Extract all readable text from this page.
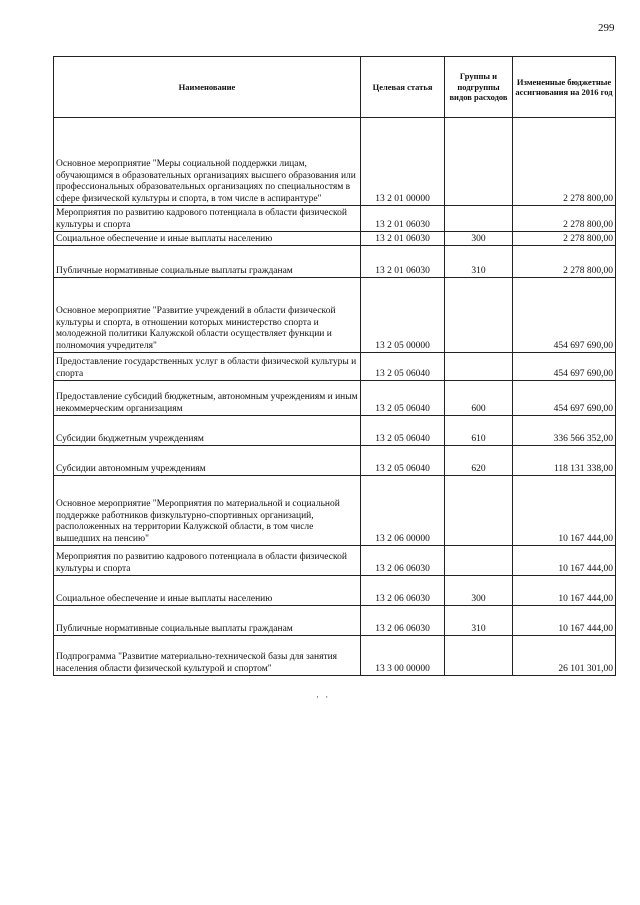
299
Наименование	Целевая статья	Группы и подгруппы видов расходов	Измененные бюджетные ассигнования на 2016 год
Основное мероприятие "Меры социальной поддержки лицам, обучающимся в образовательных организациях высшего образования или профессиональных образовательных организациях по специальностям в сфере физической культуры и спорта, в том числе в аспирантуре"	13 2 01 00000		2 278 800,00
Мероприятия по развитию кадрового потенциала в области физической культуры и спорта	13 2 01 06030		2 278 800,00
Социальное обеспечение и иные выплаты населению	13 2 01 06030	300	2 278 800,00
Публичные нормативные социальные выплаты гражданам	13 2 01 06030	310	2 278 800,00
Основное мероприятие "Развитие учреждений в области физической культуры и спорта, в отношении которых министерство спорта и молодежной политики Калужской области осуществляет функции и полномочия учредителя"	13 2 05 00000		454 697 690,00
Предоставление государственных услуг в области физической культуры и спорта	13 2 05 06040		454 697 690,00
Предоставление субсидий бюджетным, автономным учреждениям и иным некоммерческим организациям	13 2 05 06040	600	454 697 690,00
Субсидии бюджетным учреждениям	13 2 05 06040	610	336 566 352,00
Субсидии автономным учреждениям	13 2 05 06040	620	118 131 338,00
Основное мероприятие "Мероприятия по материальной и социальной поддержке работников физкультурно-спортивных организаций, расположенных на территории Калужской области, в том числе вышедших на пенсию"	13 2 06 00000		10 167 444,00
Мероприятия по развитию кадрового потенциала в области физической культуры и спорта	13 2 06 06030		10 167 444,00
Социальное обеспечение и иные выплаты населению	13 2 06 06030	300	10 167 444,00
Публичные нормативные социальные выплаты гражданам	13 2 06 06030	310	10 167 444,00
Подпрограмма "Развитие материально-технической базы для занятия населения области физической культурой и спортом"	13 3 00 00000		26 101 301,00
· ·
